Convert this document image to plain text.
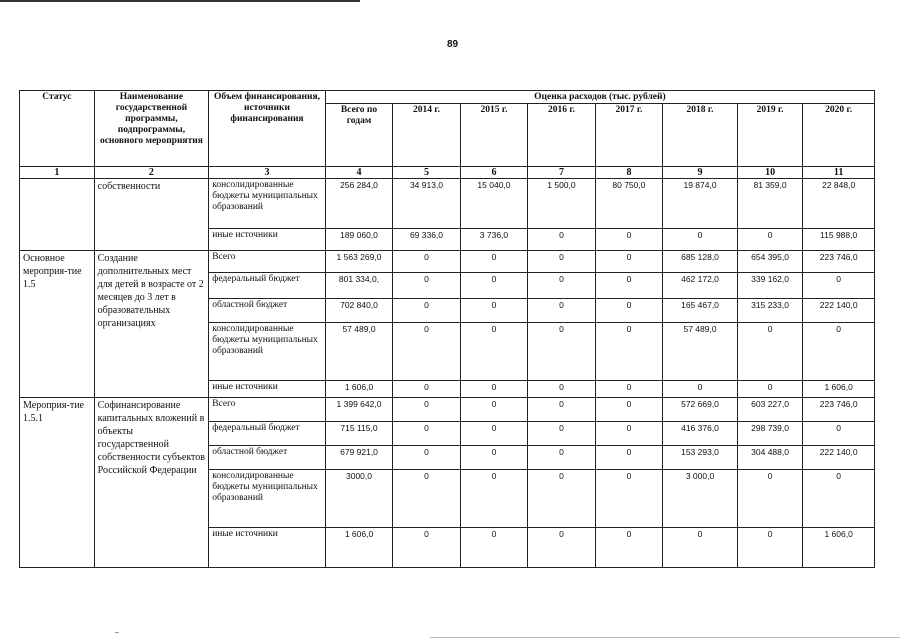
89
Статус	Наименование государственной программы, подпрограммы, основного мероприятия	Объем финансирования, источники финансирования	Оценка расходов (тыс. рублей)							
			Всего по годам	2014 г.	2015 г.	2016 г.	2017 г.	2018 г.	2019 г.	2020 г.
1	2	3	4	5	6	7	8	9	10	11
	собственности	консолидированные бюджеты муниципальных образований	256 284,0	34 913,0	15 040,0	1 500,0	80 750,0	19 874,0	81 359,0	22 848,0
		иные источники	189 060,0	69 336,0	3 736,0	0	0	0	0	115 988,0
Основное мероприя-тие 1.5	Создание дополнительных мест для детей в возрасте от 2 месяцев до 3 лет в образовательных организациях	Всего	1 563 269,0	0	0	0	0	685 128,0	654 395,0	223 746,0
		федеральный бюджет	801 334,0,	0	0	0	0	462 172,0	339 162,0	0
		областной бюджет	702 840,0	0	0	0	0	165 467,0	315 233,0	222 140,0
		консолидированные бюджеты муниципальных образований	57 489,0	0	0	0	0	57 489,0	0	0
		иные источники	1 606,0	0	0	0	0	0	0	1 606,0
Мероприя-тие 1.5.1	Софинансирование капитальных вложений в объекты государственной собственности субъектов Российской Федерации	Всего	1 399 642,0	0	0	0	0	572 669,0	603 227,0	223 746,0
		федеральный бюджет	715 115,0	0	0	0	0	416 376,0	298 739,0	0
		областной бюджет	679 921,0	0	0	0	0	153 293,0	304 488,0	222 140,0
		консолидированные бюджеты муниципальных образований	3000,0	0	0	0	0	3 000,0	0	0
		иные источники	1 606,0	0	0	0	0	0	0	1 606,0
